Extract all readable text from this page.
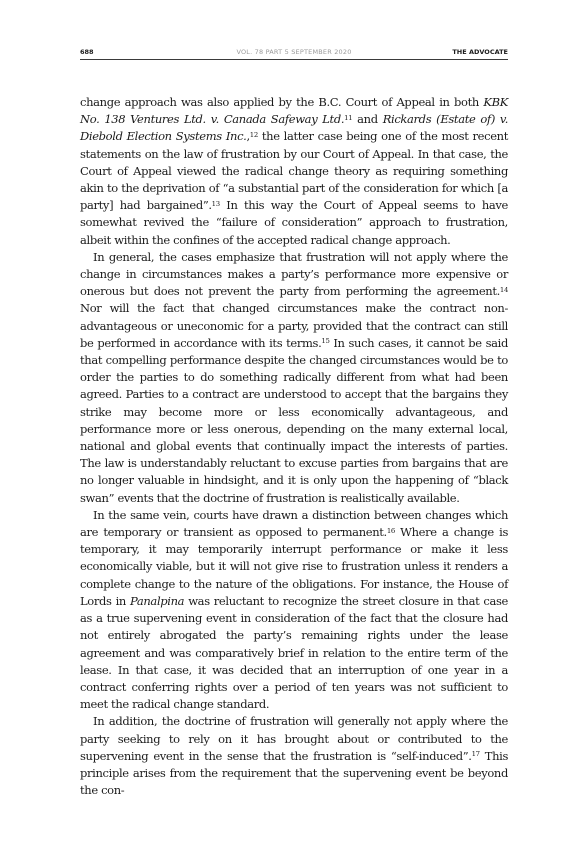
688	VOL. 78 PART 5 SEPTEMBER 2020	THE ADVOCATE

change approach was also applied by the B.C. Court of Appeal in both KBK No. 138 Ventures Ltd. v. Canada Safeway Ltd.$^{11}$ and Rickards (Estate of) v. Diebold Election Systems Inc.,$^{12}$ the latter case being one of the most recent statements on the law of frustration by our Court of Appeal. In that case, the Court of Appeal viewed the radical change theory as requiring something akin to the deprivation of “a substantial part of the consideration for which [a party] had bargained”.$^{13}$ In this way the Court of Appeal seems to have somewhat revived the “failure of consideration” approach to frustration, albeit within the confines of the accepted radical change approach.

In general, the cases emphasize that frustration will not apply where the change in circumstances makes a party’s performance more expensive or onerous but does not prevent the party from performing the agreement.$^{14}$ Nor will the fact that changed circumstances make the contract non-advantageous or uneconomic for a party, provided that the contract can still be performed in accordance with its terms.$^{15}$ In such cases, it cannot be said that compelling performance despite the changed circumstances would be to order the parties to do something radically different from what had been agreed. Parties to a contract are understood to accept that the bargains they strike may become more or less economically advantageous, and performance more or less onerous, depending on the many external local, national and global events that continually impact the interests of parties. The law is understandably reluctant to excuse parties from bargains that are no longer valuable in hindsight, and it is only upon the happening of “black swan” events that the doctrine of frustration is realistically available.

In the same vein, courts have drawn a distinction between changes which are temporary or transient as opposed to permanent.$^{16}$ Where a change is temporary, it may temporarily interrupt performance or make it less economically viable, but it will not give rise to frustration unless it renders a complete change to the nature of the obligations. For instance, the House of Lords in Panalpina was reluctant to recognize the street closure in that case as a true supervening event in consideration of the fact that the closure had not entirely abrogated the party’s remaining rights under the lease agreement and was comparatively brief in relation to the entire term of the lease. In that case, it was decided that an interruption of one year in a contract conferring rights over a period of ten years was not sufficient to meet the radical change standard.

In addition, the doctrine of frustration will generally not apply where the party seeking to rely on it has brought about or contributed to the supervening event in the sense that the frustration is “self-induced”.$^{17}$ This principle arises from the requirement that the supervening event be beyond the con-
